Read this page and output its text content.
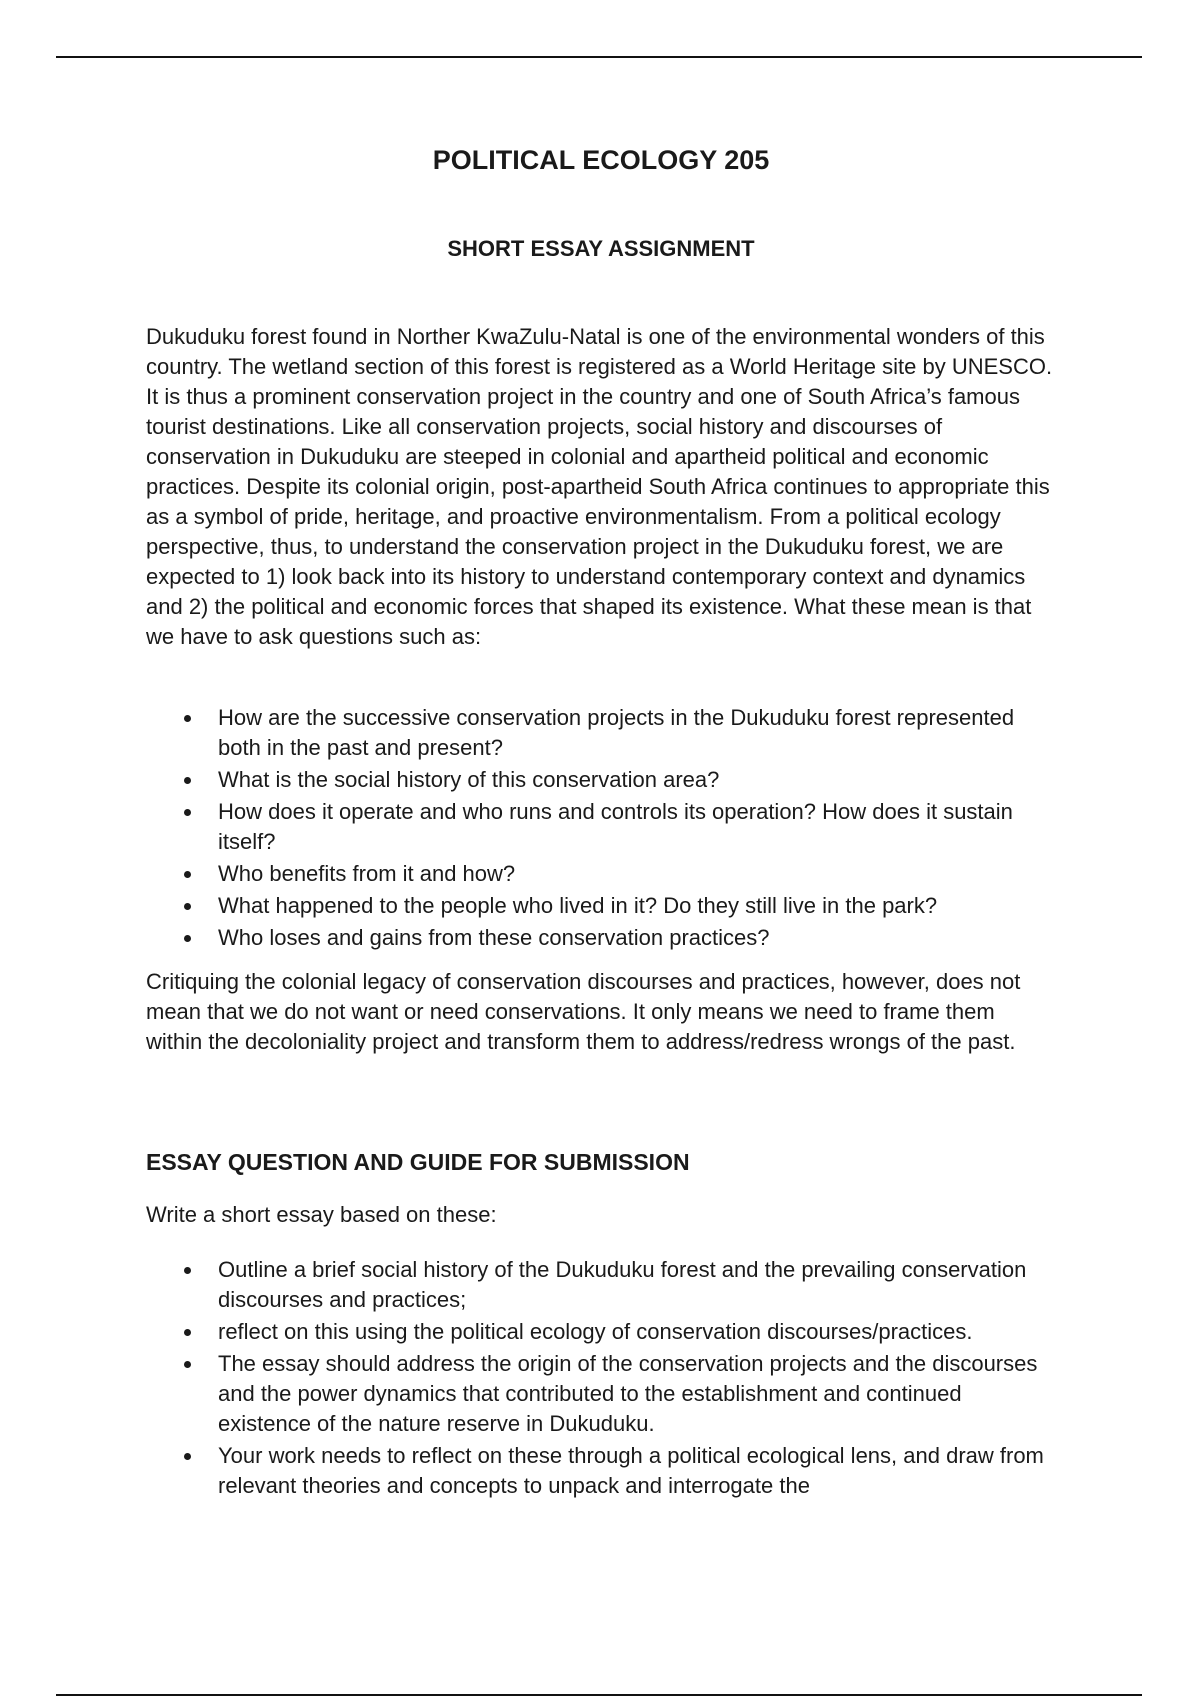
POLITICAL ECOLOGY 205
SHORT ESSAY ASSIGNMENT

Dukuduku forest found in Norther KwaZulu-Natal is one of the environmental wonders of this country. The wetland section of this forest is registered as a World Heritage site by UNESCO. It is thus a prominent conservation project in the country and one of South Africa’s famous tourist destinations. Like all conservation projects, social history and discourses of conservation in Dukuduku are steeped in colonial and apartheid political and economic practices. Despite its colonial origin, post-apartheid South Africa continues to appropriate this as a symbol of pride, heritage, and proactive environmentalism. From a political ecology perspective, thus, to understand the conservation project in the Dukuduku forest, we are expected to 1) look back into its history to understand contemporary context and dynamics and 2) the political and economic forces that shaped its existence. What these mean is that we have to ask questions such as:

How are the successive conservation projects in the Dukuduku forest represented both in the past and present?
What is the social history of this conservation area?
How does it operate and who runs and controls its operation? How does it sustain itself?
Who benefits from it and how?
What happened to the people who lived in it? Do they still live in the park?
Who loses and gains from these conservation practices?

Critiquing the colonial legacy of conservation discourses and practices, however, does not mean that we do not want or need conservations. It only means we need to frame them within the decoloniality project and transform them to address/redress wrongs of the past.

ESSAY QUESTION AND GUIDE FOR SUBMISSION

Write a short essay based on these:

Outline a brief social history of the Dukuduku forest and the prevailing conservation discourses and practices;
reflect on this using the political ecology of conservation discourses/practices.
The essay should address the origin of the conservation projects and the discourses and the power dynamics that contributed to the establishment and continued existence of the nature reserve in Dukuduku.
Your work needs to reflect on these through a political ecological lens, and draw from relevant theories and concepts to unpack and interrogate the
